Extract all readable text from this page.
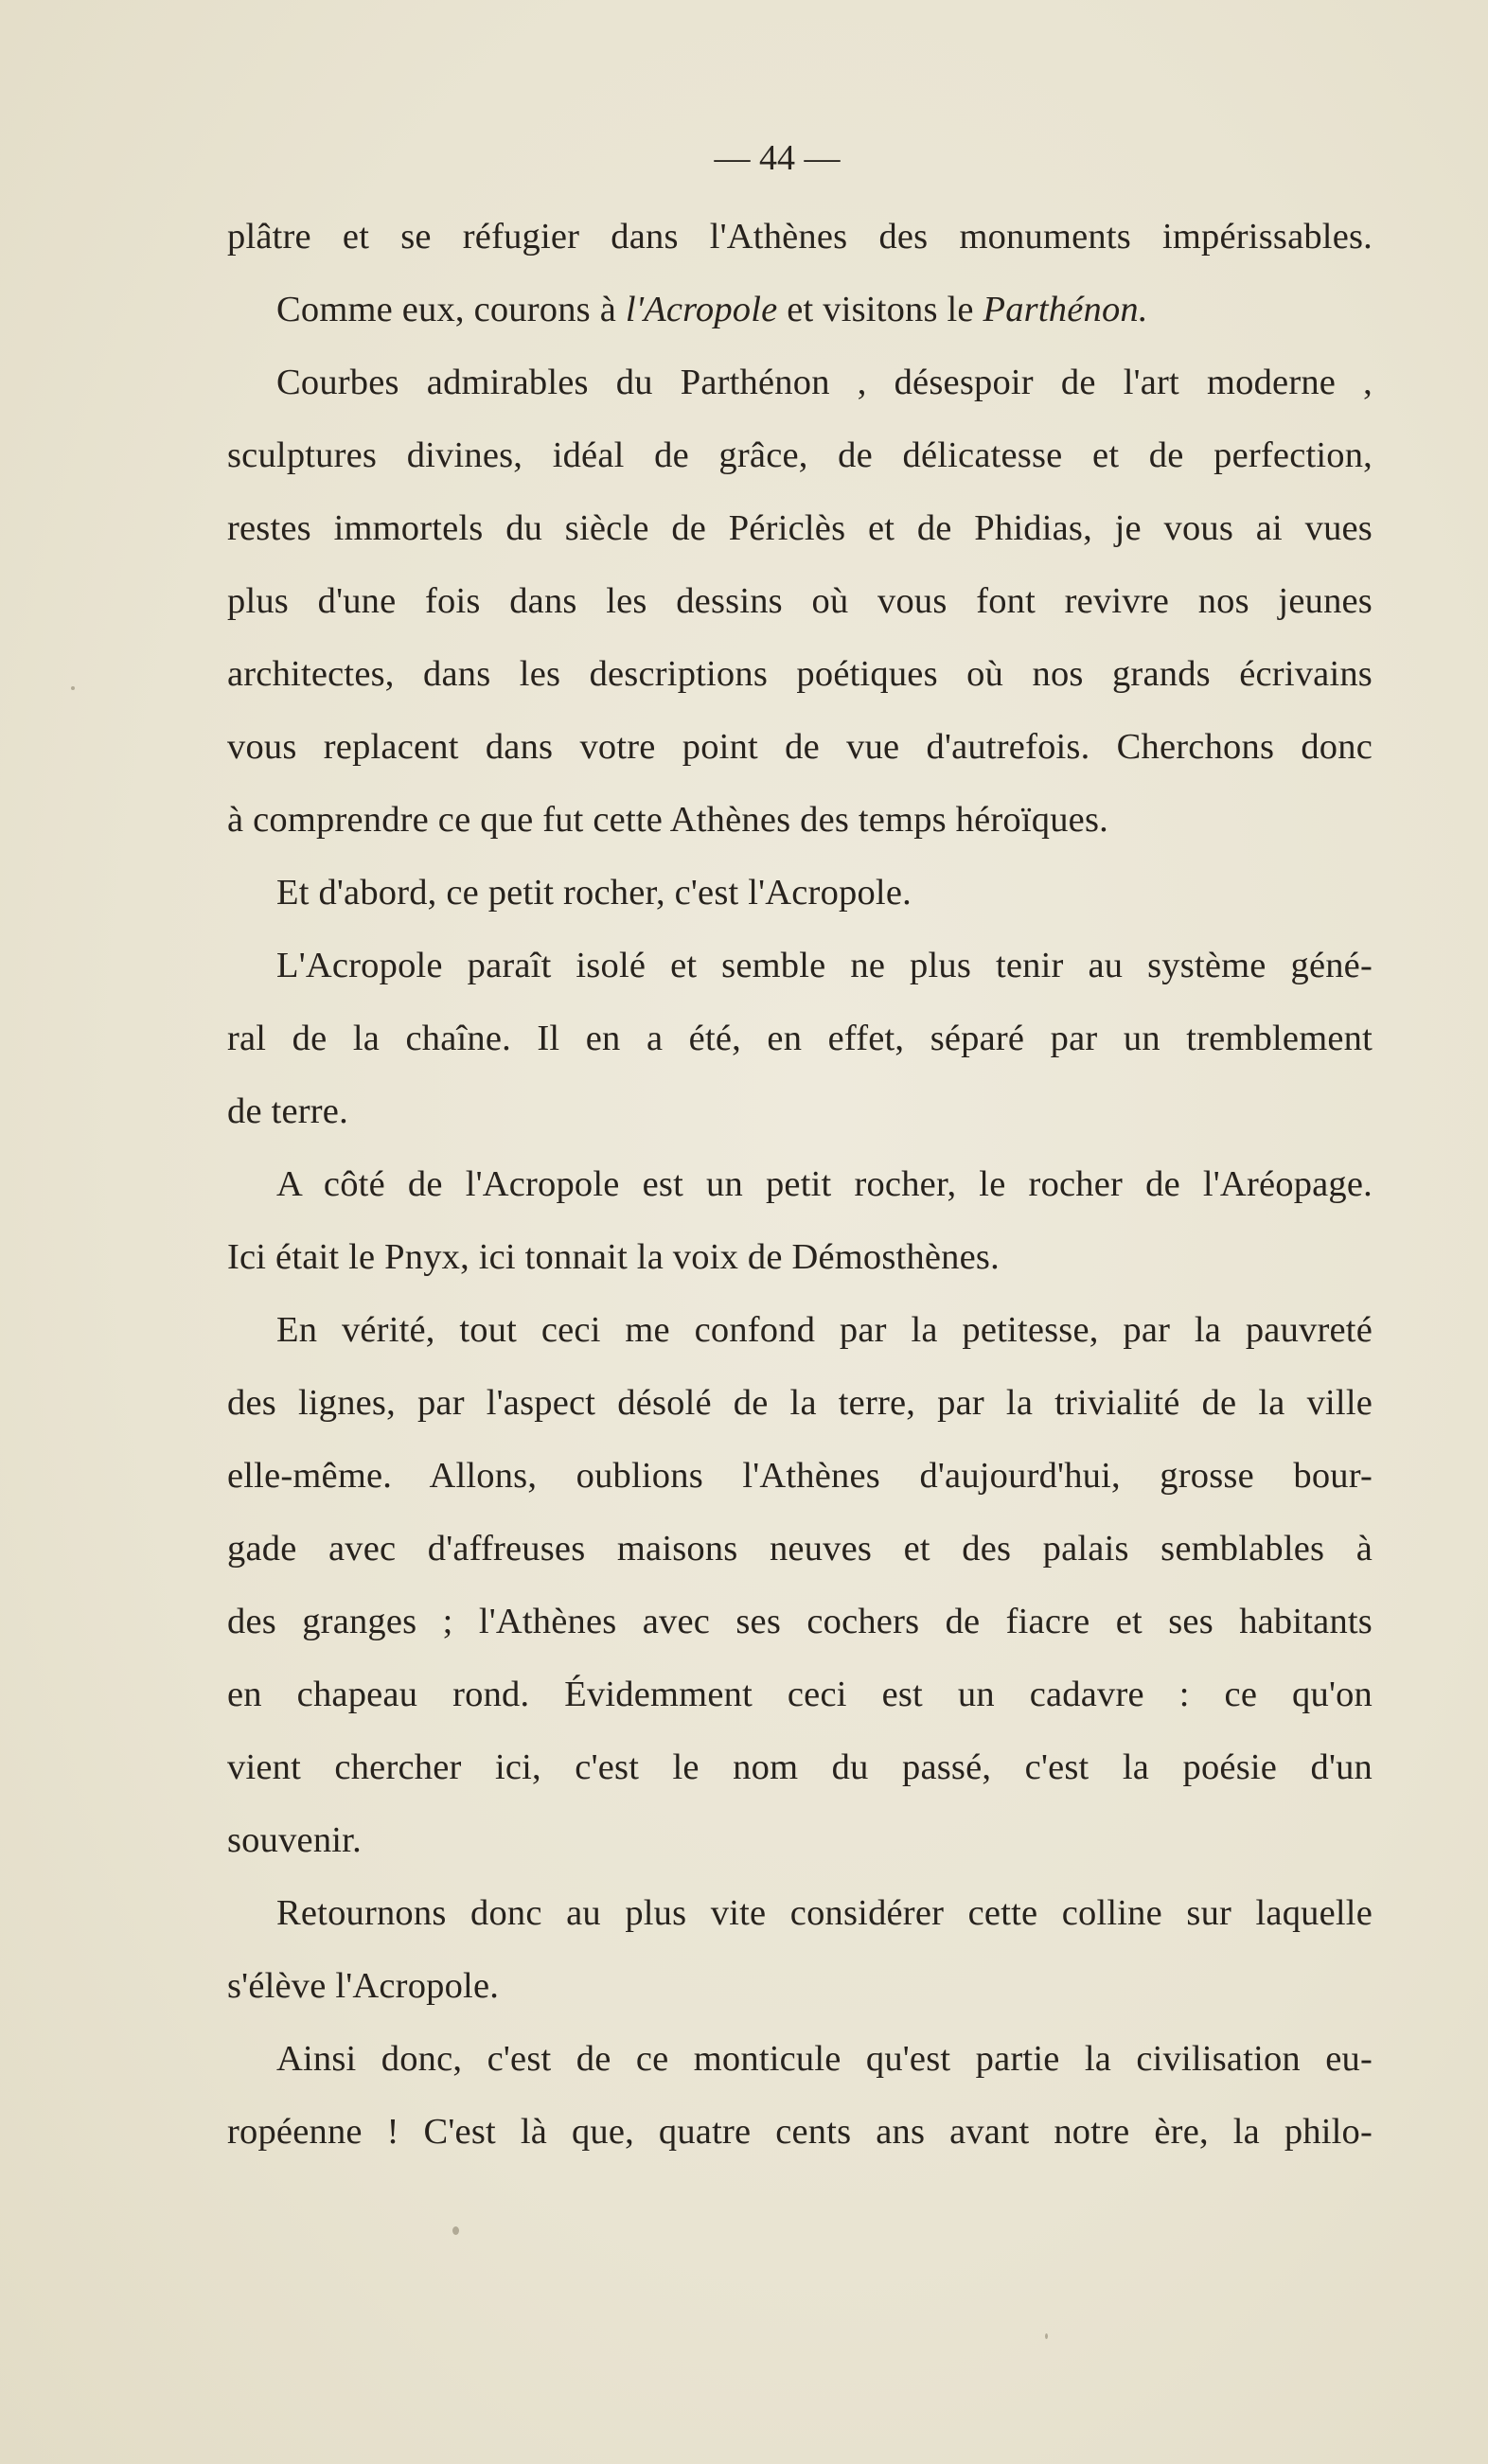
— 44 —
plâtre et se réfugier dans l'Athènes des monuments impérissables.
Comme eux, courons à l'Acropole et visitons le Parthénon.
Courbes admirables du Parthénon , désespoir de l'art moderne ,
sculptures divines, idéal de grâce, de délicatesse et de perfection,
restes immortels du siècle de Périclès et de Phidias, je vous ai vues
plus d'une fois dans les dessins où vous font revivre nos jeunes
architectes, dans les descriptions poétiques où nos grands écrivains
vous replacent dans votre point de vue d'autrefois. Cherchons donc
à comprendre ce que fut cette Athènes des temps héroïques.
Et d'abord, ce petit rocher, c'est l'Acropole.
L'Acropole paraît isolé et semble ne plus tenir au système géné-
ral de la chaîne. Il en a été, en effet, séparé par un tremblement
de terre.
A côté de l'Acropole est un petit rocher, le rocher de l'Aréopage.
Ici était le Pnyx, ici tonnait la voix de Démosthènes.
En vérité, tout ceci me confond par la petitesse, par la pauvreté
des lignes, par l'aspect désolé de la terre, par la trivialité de la ville
elle-même. Allons, oublions l'Athènes d'aujourd'hui, grosse bour-
gade avec d'affreuses maisons neuves et des palais semblables à
des granges ; l'Athènes avec ses cochers de fiacre et ses habitants
en chapeau rond. Évidemment ceci est un cadavre : ce qu'on
vient chercher ici, c'est le nom du passé, c'est la poésie d'un
souvenir.
Retournons donc au plus vite considérer cette colline sur laquelle
s'élève l'Acropole.
Ainsi donc, c'est de ce monticule qu'est partie la civilisation eu-
ropéenne ! C'est là que, quatre cents ans avant notre ère, la philo-
